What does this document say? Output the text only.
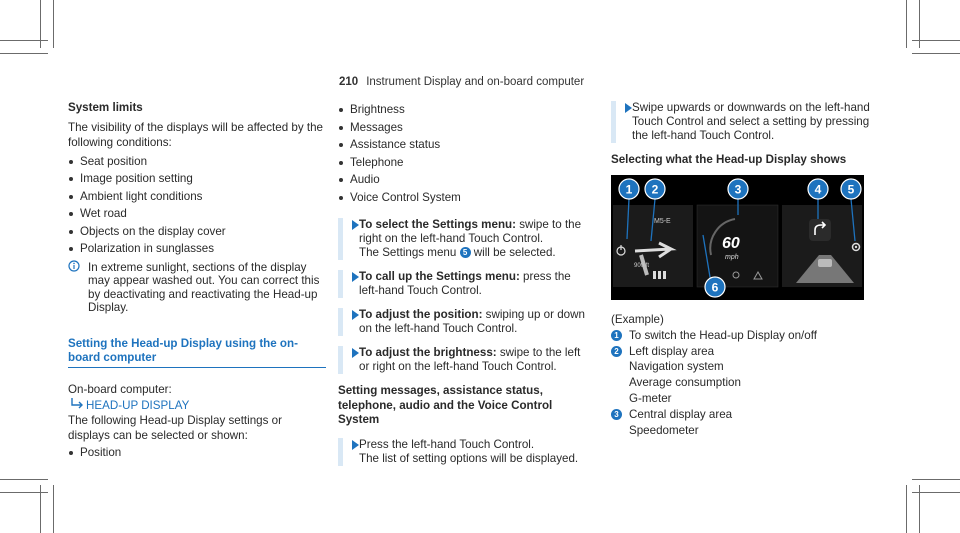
210 Instrument Display and on-board computer
System limits

The visibility of the displays will be affected by the following conditions:

Seat position
Image position setting
Ambient light conditions
Wet road
Objects on the display cover
Polarization in sunglasses
In extreme sunlight, sections of the display may appear washed out. You can correct this by deactivating and reactivating the Head-up Display.
Setting the Head-up Display using the on-board computer

On-board computer:

HEAD-UP DISPLAY

The following Head-up Display settings or displays can be selected or shown:

Position
Brightness
Messages
Assistance status
Telephone
Audio
Voice Control System
To select the Settings menu: swipe to the right on the left-hand Touch Control.
The Settings menu 5 will be selected.
To call up the Settings menu: press the left-hand Touch Control.
To adjust the position: swiping up or down on the left-hand Touch Control.
To adjust the brightness: swipe to the left or right on the left-hand Touch Control.
Setting messages, assistance status, telephone, audio and the Voice Control System
Press the left-hand Touch Control.
The list of setting options will be displayed.
Swipe upwards or downwards on the left-hand Touch Control and select a setting by pressing the left-hand Touch Control.
Selecting what the Head-up Display shows
M5-E
900 ft
60
mph
1 2	3	4 5
6
(Example)
1 To switch the Head-up Display on/off
2 Left display area
Navigation system
Average consumption
G-meter
3 Central display area
Speedometer
